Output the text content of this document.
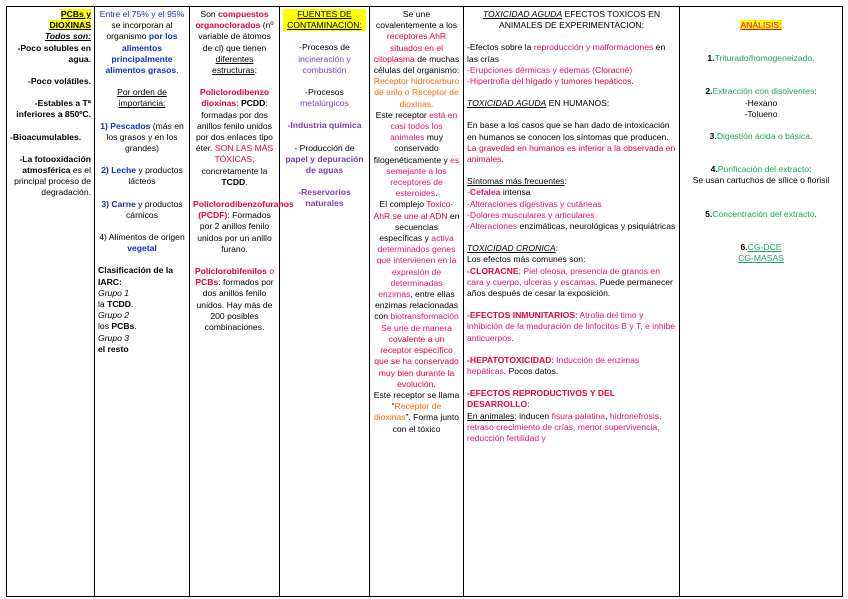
PCBs y

DIOXINAS

Todos son:

-Poco solubles en agua.

-Poco volátiles.

-Estables a Tª inferiores a 850ºC.

-Bioacumulables.

-La fotooxidación atmosférica es el principal proceso de degradación.

Entre el 75% y el 95% se incorporan al organismo por los alimentos principalmente alimentos grasos.

Por orden de importancia:

1) Pescados (más en los grasos y en los grandes)

2) Leche y productos lácteos

3) Carne y productos cárnicos

4) Alimentos de origen vegetal

Clasificación de la IARC:

Grupo 1

la TCDD.

Grupo 2

los PCBs.

Grupo 3

el resto

Son compuestos organoclorados (nº variable de átomos de cl) que tienen diferentes estructuras:

Policlorodibenzo dioxinas: PCDD: formadas por dos anillos fenilo unidos por dos enlaces tipo éter. SON LAS MÁS TÓXICAS, concretamente la TCDD.

Policlorodibenzofuranos (PCDF): Formados por 2 anillos fenilo unidos por un anillo furano.

Policlorobifenilos o PCBs: formados por dos anillos fenilo unidos. Hay más de 200 posibles combinaciones.

FUENTES DE CONTAMINACIÓN:

-Procesos de incineración y combustión

-Procesos metalúrgicos

-Industria química

- Producción de papel y depuración de aguas

-Reservorios naturales

Se une covalentemente a los receptores AhR situados en el citoplasma de muchas células del organismo: Receptor hidrocarburo de arilo o Receptor de dioxinas.

Este receptor está en casi todos los animales muy conservado filogenéticamente y es semejante a los receptores de esteroides.

El complejo Toxico-AhR se une al ADN en secuencias específicas y activa determinados genes que intervienen en la expresión de determinadas enzimas, entre ellas enzimas relacionadas con biotransformación Se une de manera covalente a un receptor específico que se ha conservado muy bien durante la evolución.

Este receptor se llama “Receptor de dioxinas”. Forma junto con el tóxico

TOXICIDAD AGUDA EFECTOS TOXICOS EN ANIMALES DE EXPERIMENTACION:

-Efectos sobre la reproducción y malformaciones en las crías

-Erupciones dérmicas y edemas (Cloracné)

-Hipertrofia del hígado y tumores hepáticos.

TOXICIDAD AGUDA EN HUMANOS:

En base a los casos que se han dado de intoxicación en humanos se conocen los síntomas que producen. La gravedad en humanos es inferior a la observada en animales.

Síntomas más frecuentes:

-Cefalea intensa

-Alteraciones digestivas y cutáneas

-Dolores musculares y articulares

-Alteraciones enzimáticas, neurológicas y psiquiátricas

TOXICIDAD CRONICA:

Los efectos más comunes son:

-CLORACNE: Piel oleosa, presencia de granos en cara y cuerpo, ulceras y escamas. Puede permanecer años después de cesar la exposición.

-EFECTOS INMUNITARIOS: Atrofia del timo y inhibición de la maduración de linfocitos B y T, e inhibe anticuerpos.

-HEPATOTOXICIDAD: Inducción de enzimas hepáticas. Pocos datos.

-EFECTOS REPRODUCTIVOS Y DEL DESARROLLO:

En animales: inducen fisura palatina, hidronefrosis, retraso crecimiento de crías, menor supervivencia, reducción fertilidad y

ANÁLISIS:

1.Triturado/homogeneizado.

2.Extracción con disolventes:

-Hexano

-Tolueno

3.Digestión ácida o básica.

4.Purificación del extracto:

Se usan cartuchos de sílice o florisil

5.Concentración del extracto.

6.CG-DCE

CG-MASAS
